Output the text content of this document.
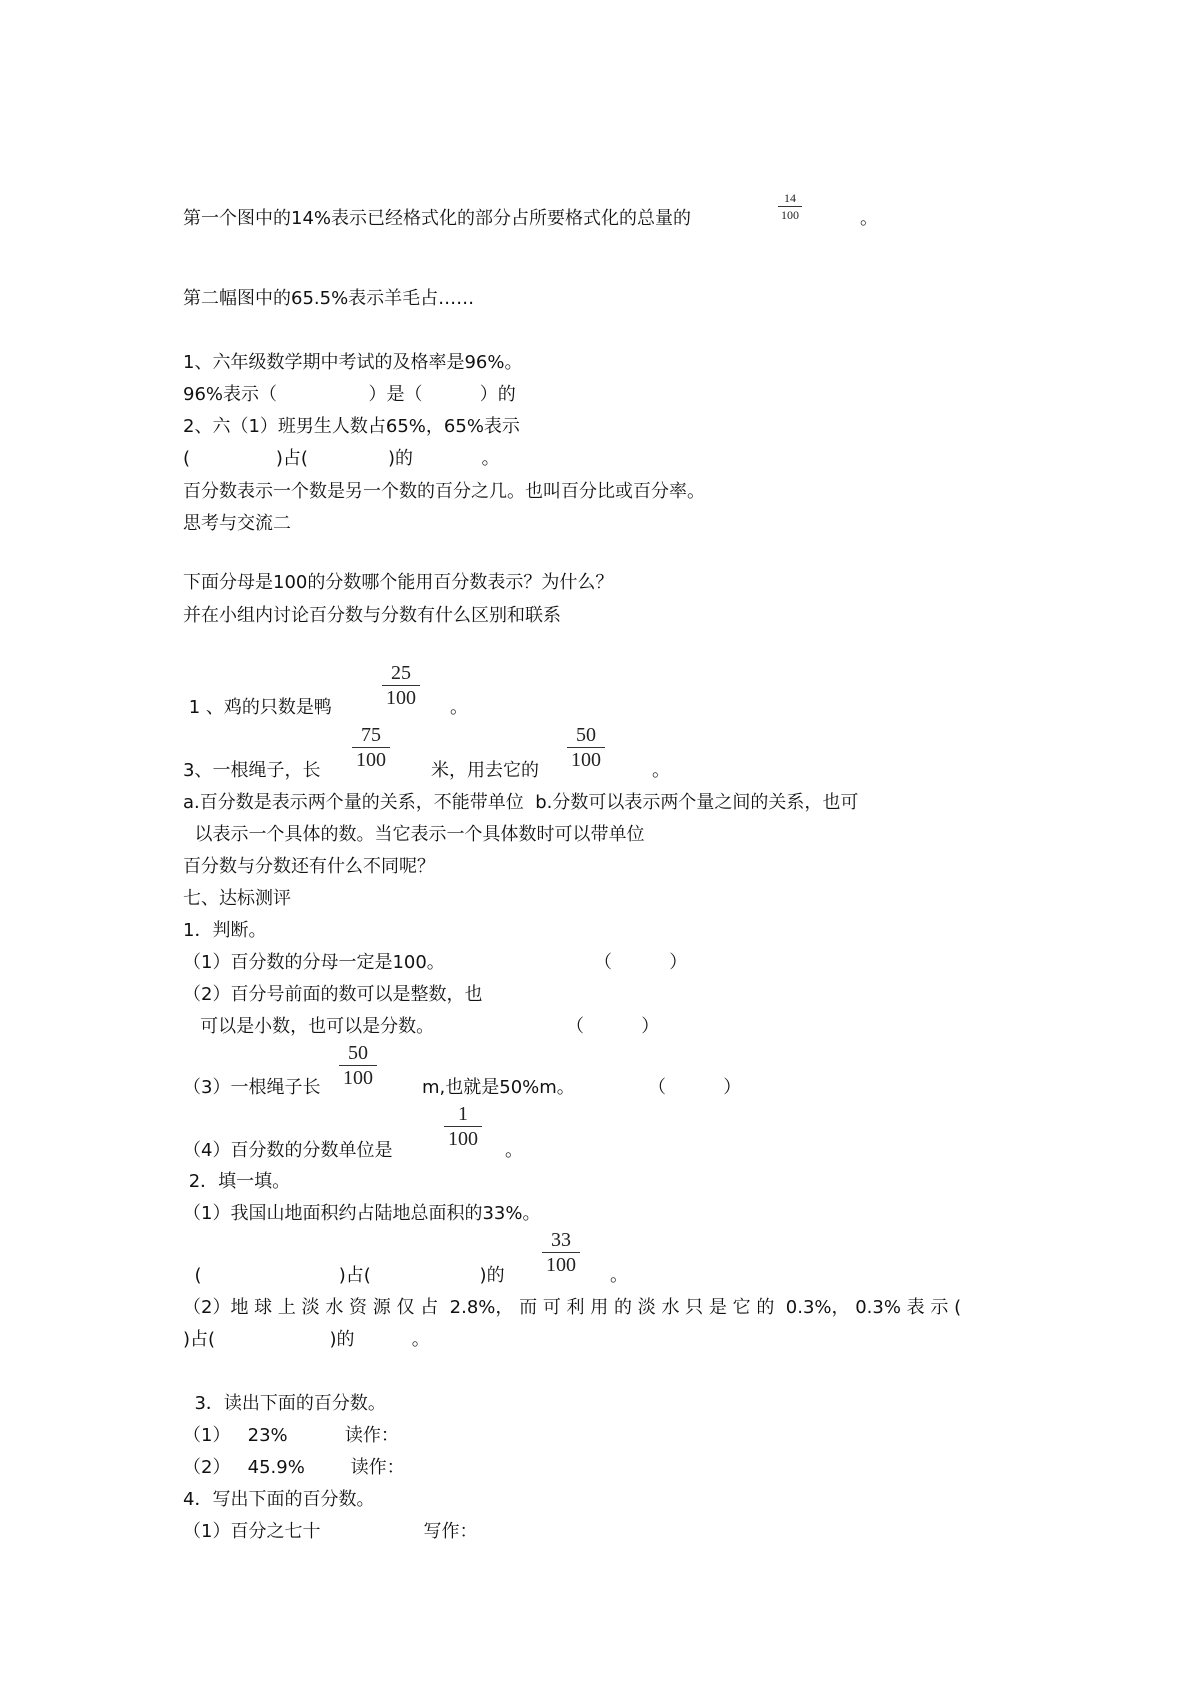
第一个图中的14%表示已经格式化的部分占所要格式化的总量的
14
100	。
第二幅图中的65.5%表示羊毛占……
1、六年级数学期中考试的及格率是96%。
96%表示（                ）是（          ）的
2、六（1）班男生人数占65%，65%表示
(               )占(              )的            。
百分数表示一个数是另一个数的百分之几。也叫百分比或百分率。
思考与交流二
下面分母是100的分数哪个能用百分数表示？为什么？
并在小组内讨论百分数与分数有什么区别和联系
1 、鸡的只数是鸭
25
100 。
3、一根绳子，长
75
100	米，用去它的
50
100	。
a.百分数是表示两个量的关系，不能带单位  b.分数可以表示两个量之间的关系，也可
以表示一个具体的数。当它表示一个具体数时可以带单位
百分数与分数还有什么不同呢？
七、达标测评
1．判断。
（1）百分数的分母一定是100。	（          ）
（2）百分号前面的数可以是整数，也
可以是小数，也可以是分数。	（          ）
（3）一根绳子长
50
100	m,也就是50%m。	（          ）
（4）百分数的分数单位是
1
100
。
2．填一填。
（1）我国山地面积约占陆地总面积的33%。
(                        )占(                   )的
33
100 。
（2）地 球 上 淡 水 资 源 仅 占  2.8%， 而 可 利 用 的 淡 水 只 是 它 的  0.3%， 0.3% 表 示 (
)占(                    )的          。
3．读出下面的百分数。
（1）   23%          读作：
（2）   45.9%        读作：
4．写出下面的百分数。
（1）百分之七十                  写作：
